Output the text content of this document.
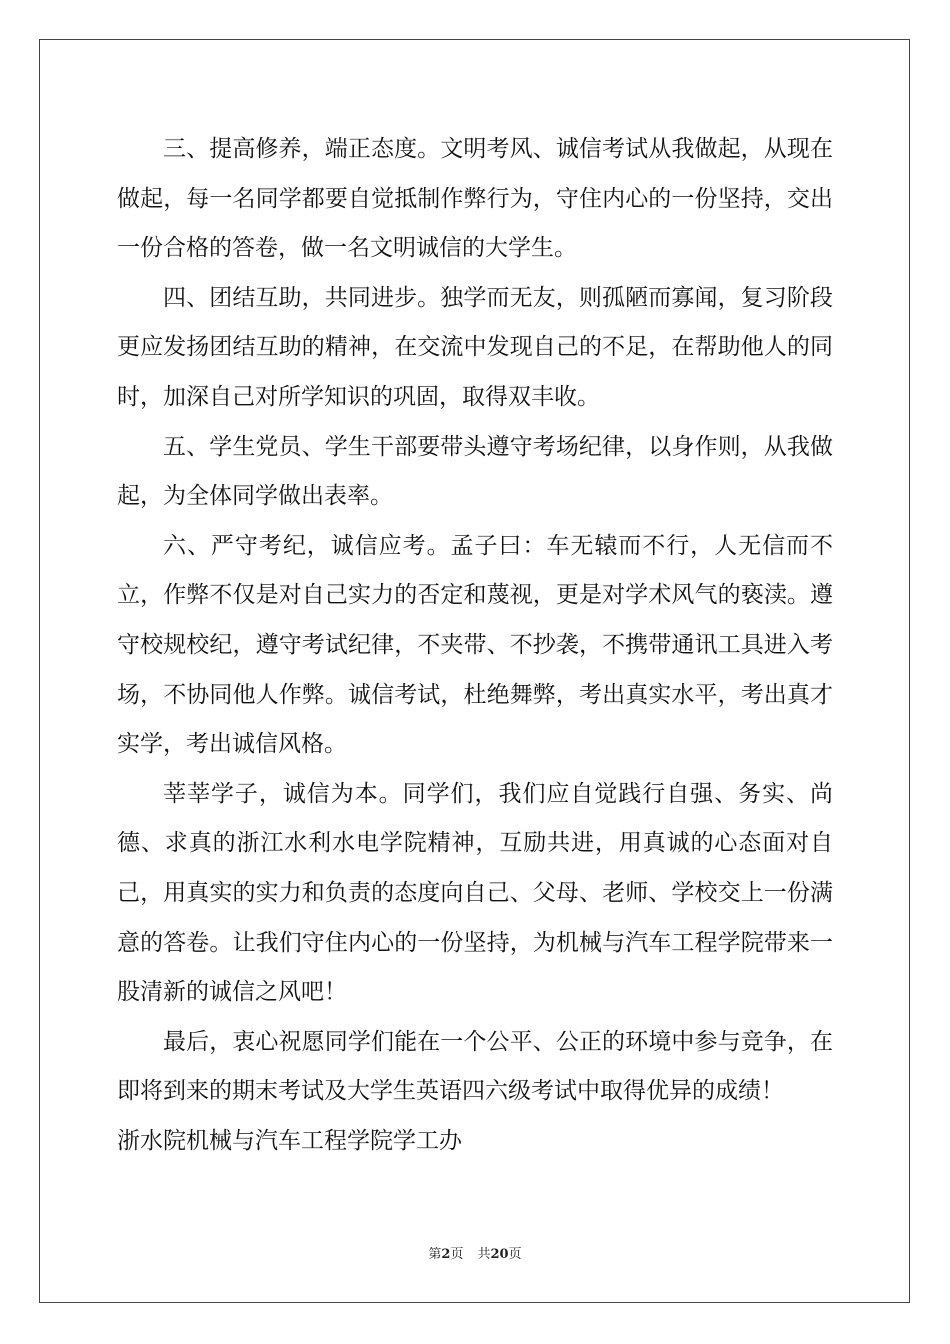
三、提高修养，端正态度。文明考风、诚信考试从我做起，从现在做起，每一名同学都要自觉抵制作弊行为，守住内心的一份坚持，交出一份合格的答卷，做一名文明诚信的大学生。

四、团结互助，共同进步。独学而无友，则孤陋而寡闻，复习阶段更应发扬团结互助的精神，在交流中发现自己的不足，在帮助他人的同时，加深自己对所学知识的巩固，取得双丰收。

五、学生党员、学生干部要带头遵守考场纪律，以身作则，从我做起，为全体同学做出表率。

六、严守考纪，诚信应考。孟子曰：车无辕而不行，人无信而不立，作弊不仅是对自己实力的否定和蔑视，更是对学术风气的亵渎。遵守校规校纪，遵守考试纪律，不夹带、不抄袭，不携带通讯工具进入考场，不协同他人作弊。诚信考试，杜绝舞弊，考出真实水平，考出真才实学，考出诚信风格。

莘莘学子，诚信为本。同学们，我们应自觉践行自强、务实、尚德、求真的浙江水利水电学院精神，互励共进，用真诚的心态面对自己，用真实的实力和负责的态度向自己、父母、老师、学校交上一份满意的答卷。让我们守住内心的一份坚持，为机械与汽车工程学院带来一股清新的诚信之风吧！

最后，衷心祝愿同学们能在一个公平、公正的环境中参与竞争，在即将到来的期末考试及大学生英语四六级考试中取得优异的成绩！

浙水院机械与汽车工程学院学工办

第2页 共20页
